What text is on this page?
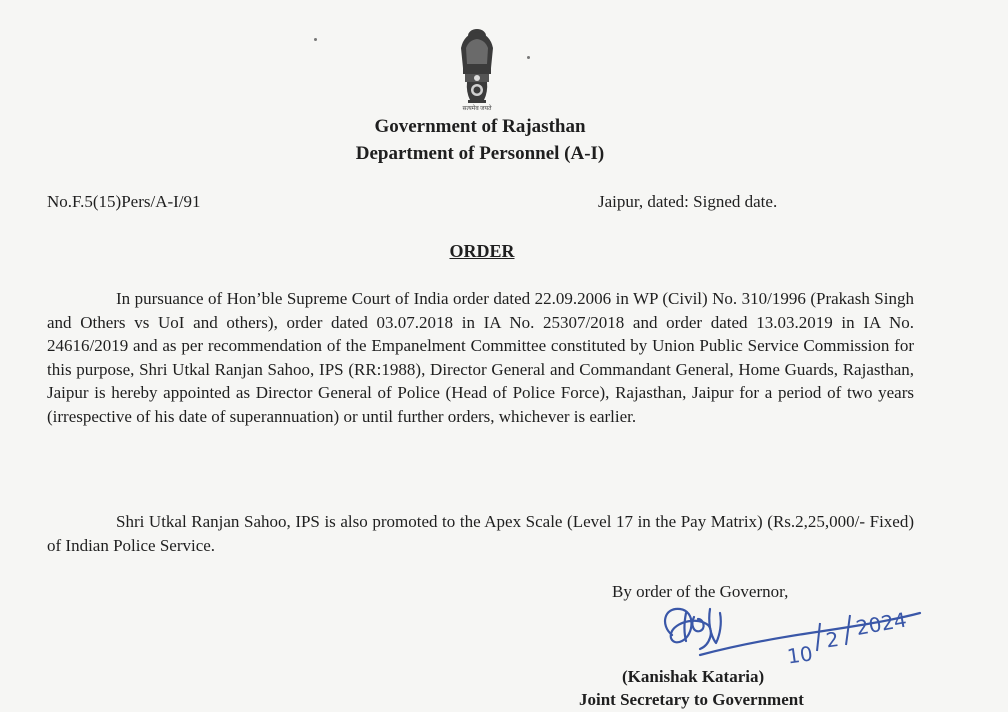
सत्यमेव जयते
Government of Rajasthan
Department of Personnel (A-I)
No.F.5(15)Pers/A-I/91	Jaipur, dated: Signed date.
ORDER

In pursuance of Hon’ble Supreme Court of India order dated 22.09.2006 in WP (Civil) No. 310/1996 (Prakash Singh and Others vs UoI and others), order dated 03.07.2018 in IA No. 25307/2018 and order dated 13.03.2019 in IA No. 24616/2019 and as per recommendation of the Empanelment Committee constituted by Union Public Service Commission for this purpose, Shri Utkal Ranjan Sahoo, IPS (RR:1988), Director General and Commandant General, Home Guards, Rajasthan, Jaipur is hereby appointed as Director General of Police (Head of Police Force), Rajasthan, Jaipur for a period of two years (irrespective of his date of superannuation) or until further orders, whichever is earlier.

Shri Utkal Ranjan Sahoo, IPS is also promoted to the Apex Scale (Level 17 in the Pay Matrix) (Rs.2,25,000/- Fixed) of Indian Police Service.

By order of the Governor,
10
2 2024
(Kanishak Kataria)
Joint Secretary to Government
